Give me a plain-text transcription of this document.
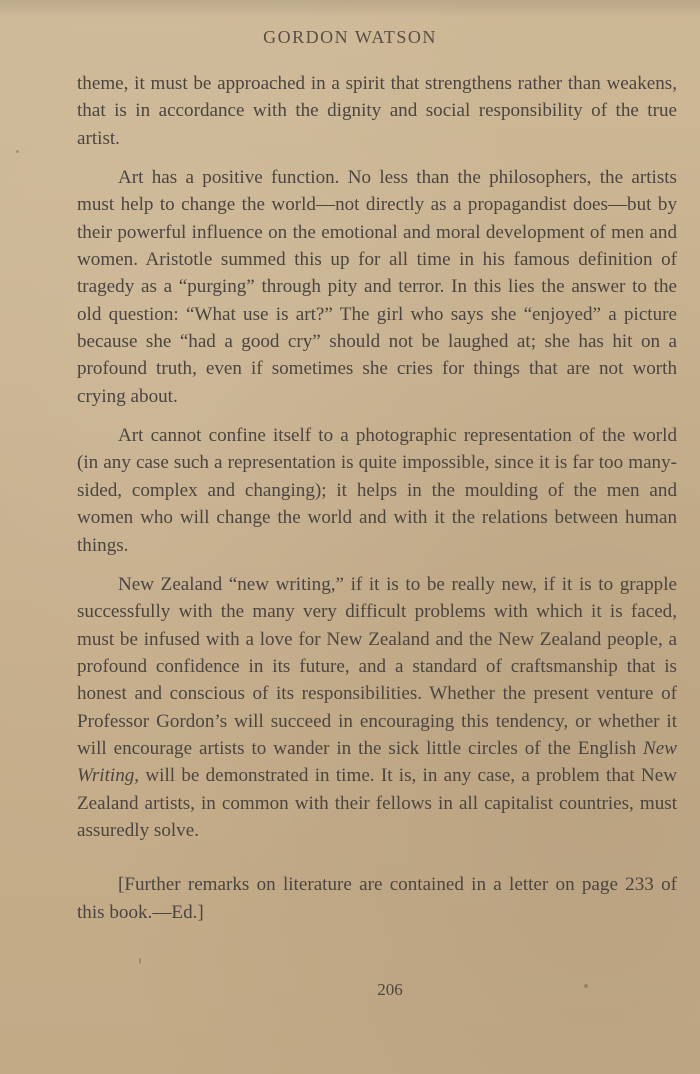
GORDON WATSON

theme, it must be approached in a spirit that strengthens rather than weakens, that is in accordance with the dignity and social responsibility of the true artist.

Art has a positive function. No less than the philosophers, the artists must help to change the world—not directly as a propagandist does—but by their powerful influence on the emotional and moral development of men and women. Aristotle summed this up for all time in his famous definition of tragedy as a “purging” through pity and terror. In this lies the answer to the old question: “What use is art?” The girl who says she “enjoyed” a picture because she “had a good cry” should not be laughed at; she has hit on a profound truth, even if sometimes she cries for things that are not worth crying about.

Art cannot confine itself to a photographic representation of the world (in any case such a representation is quite impossible, since it is far too many-sided, complex and changing); it helps in the moulding of the men and women who will change the world and with it the relations between human things.

New Zealand “new writing,” if it is to be really new, if it is to grapple successfully with the many very difficult problems with which it is faced, must be infused with a love for New Zealand and the New Zealand people, a profound confidence in its future, and a standard of craftsmanship that is honest and conscious of its responsibilities. Whether the present venture of Professor Gordon’s will succeed in encouraging this tendency, or whether it will encourage artists to wander in the sick little circles of the English New Writing, will be demonstrated in time. It is, in any case, a problem that New Zealand artists, in common with their fellows in all capitalist countries, must assuredly solve.

[Further remarks on literature are contained in a letter on page 233 of this book.—Ed.]

206
